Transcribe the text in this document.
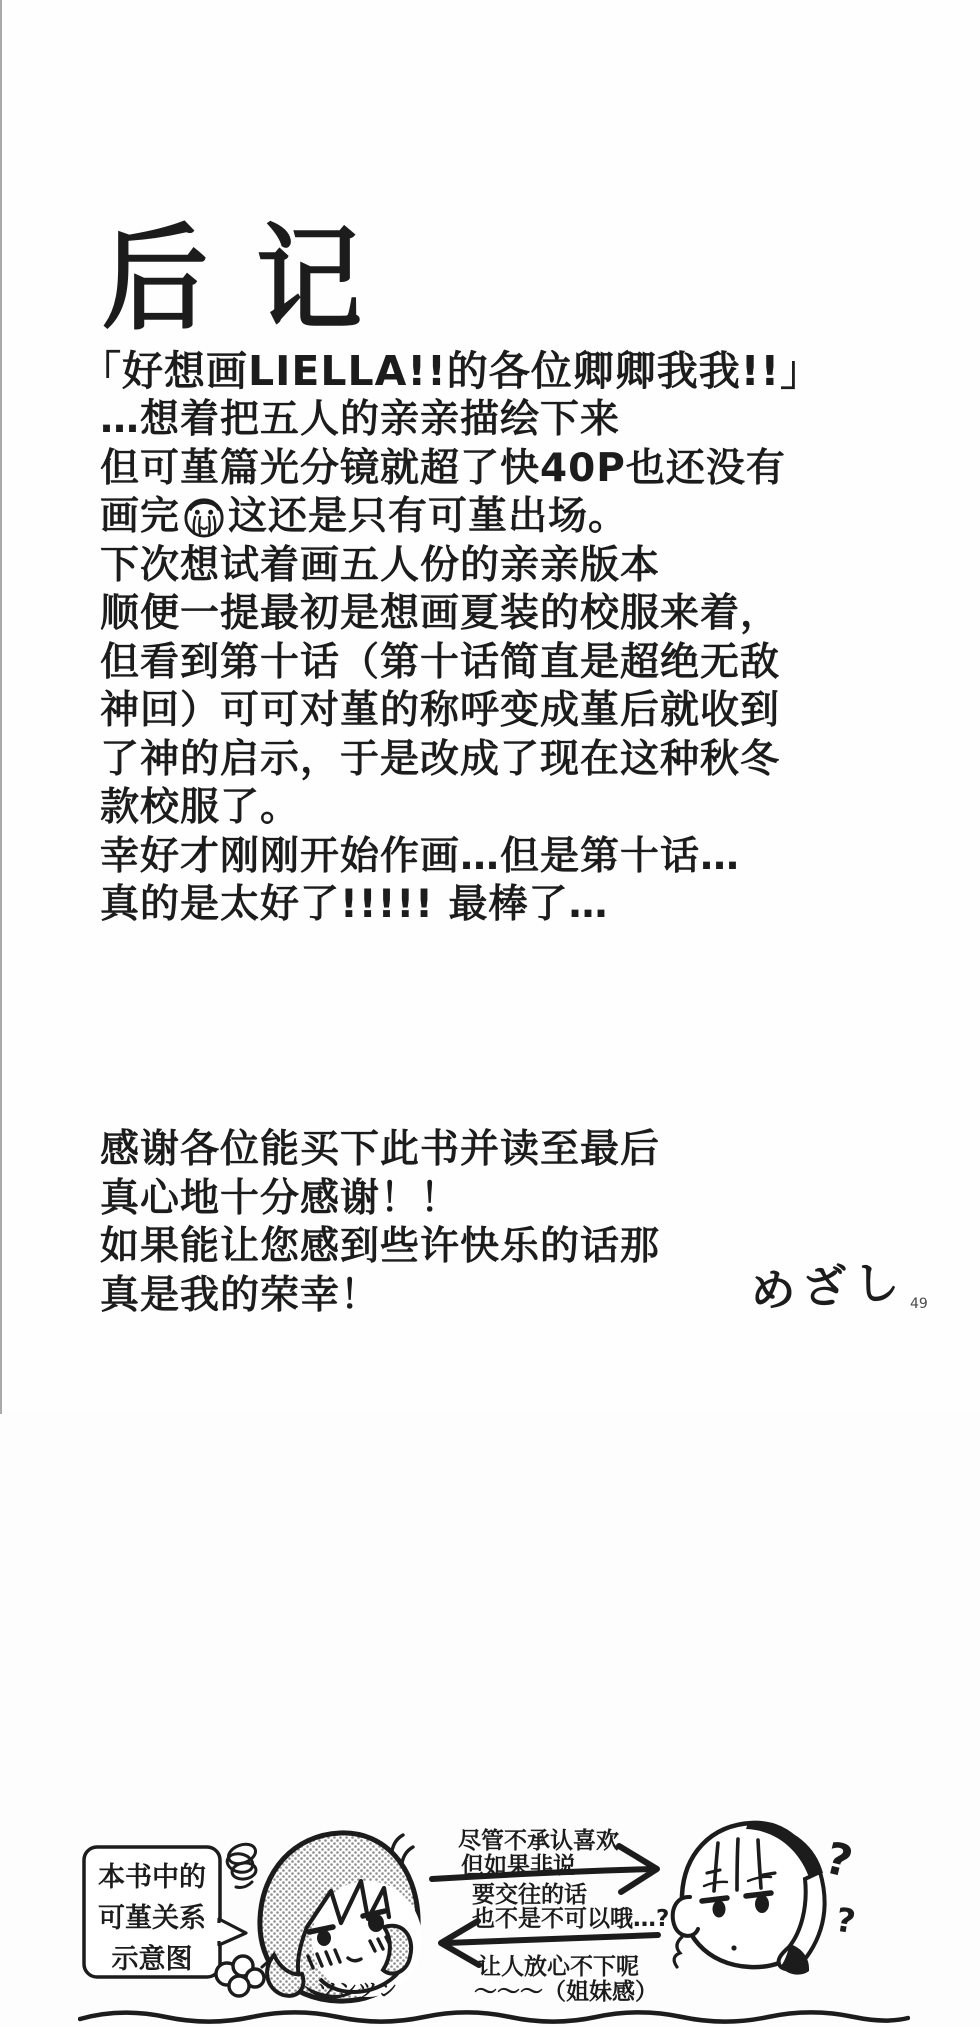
后记
「好想画LIELLA!!的各位卿卿我我!!」
…想着把五人的亲亲描绘下来
但可堇篇光分镜就超了快40P也还没有
画完 这还是只有可堇出场。
下次想试着画五人份的亲亲版本
顺便一提最初是想画夏装的校服来着，
但看到第十话（第十话简直是超绝无敌
神回）可可对堇的称呼变成堇后就收到
了神的启示，于是改成了现在这种秋冬
款校服了。
幸好才刚刚开始作画…但是第十话…
真的是太好了!!!!! 最棒了…
本书中的
可堇关系
示意图
ツンツン
尽管不承认喜欢
但如果非说
要交往的话
也不是不可以哦…?
让人放心不下呢
～～～（姐妹感）
?
?
感谢各位能买下此书并读至最后
真心地十分感谢！！
如果能让您感到些许快乐的话那
真是我的荣幸！	めざし 49
